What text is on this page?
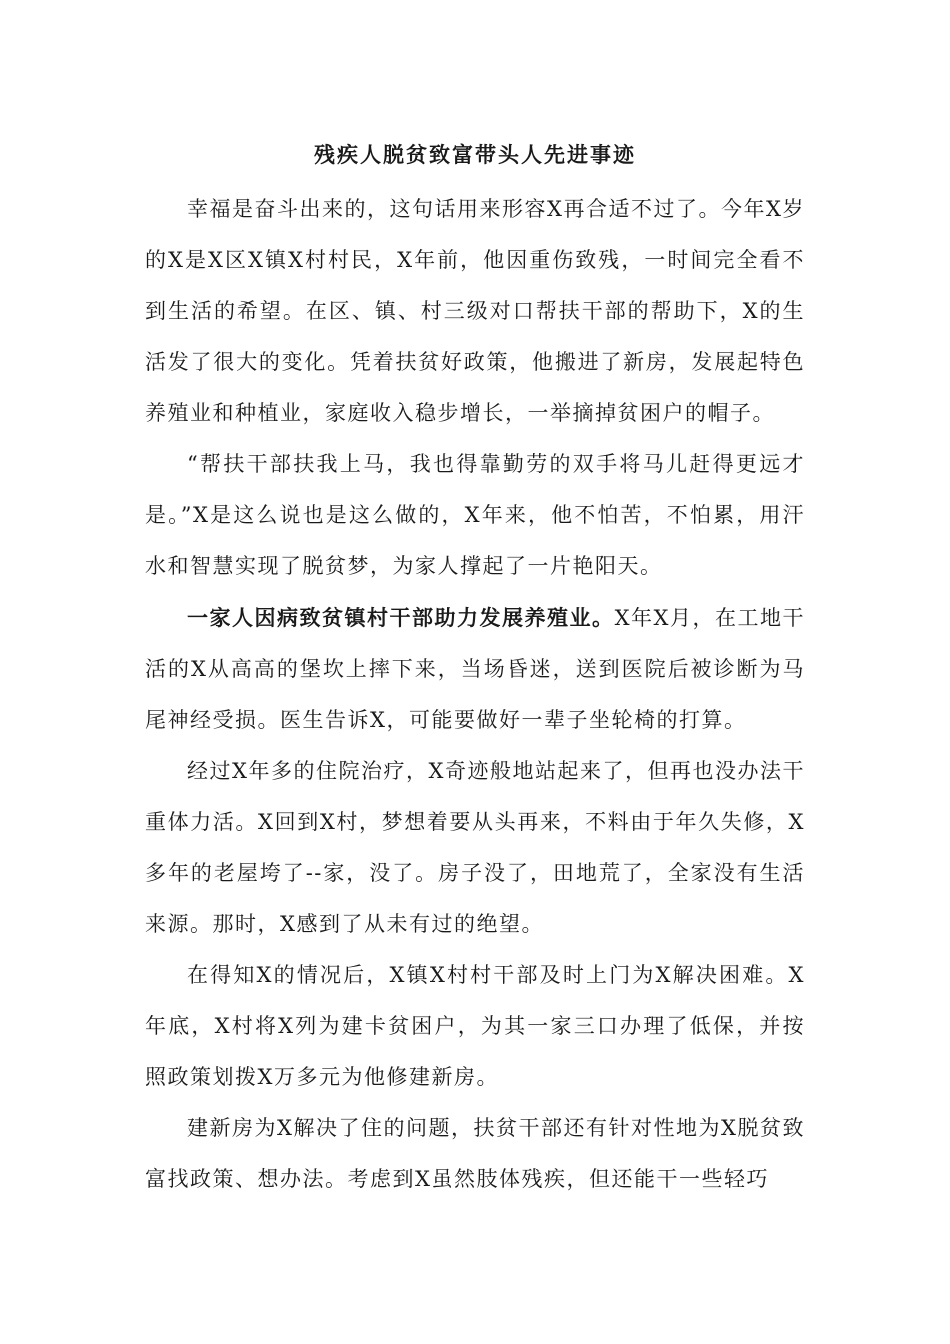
残疾人脱贫致富带头人先进事迹

幸福是奋斗出来的，这句话用来形容X再合适不过了。今年X岁的X是X区X镇X村村民，X年前，他因重伤致残，一时间完全看不到生活的希望。在区、镇、村三级对口帮扶干部的帮助下，X的生活发了很大的变化。凭着扶贫好政策，他搬进了新房，发展起特色养殖业和种植业，家庭收入稳步增长，一举摘掉贫困户的帽子。

“帮扶干部扶我上马，我也得靠勤劳的双手将马儿赶得更远才是。”X是这么说也是这么做的，X年来，他不怕苦，不怕累，用汗水和智慧实现了脱贫梦，为家人撑起了一片艳阳天。

一家人因病致贫镇村干部助力发展养殖业。X年X月，在工地干活的X从高高的堡坎上摔下来，当场昏迷，送到医院后被诊断为马尾神经受损。医生告诉X，可能要做好一辈子坐轮椅的打算。

经过X年多的住院治疗，X奇迹般地站起来了，但再也没办法干重体力活。X回到X村，梦想着要从头再来，不料由于年久失修，X多年的老屋垮了--家，没了。房子没了，田地荒了，全家没有生活来源。那时，X感到了从未有过的绝望。

在得知X的情况后，X镇X村村干部及时上门为X解决困难。X年底，X村将X列为建卡贫困户，为其一家三口办理了低保，并按照政策划拨X万多元为他修建新房。

建新房为X解决了住的问题，扶贫干部还有针对性地为X脱贫致富找政策、想办法。考虑到X虽然肢体残疾，但还能干一些轻巧
